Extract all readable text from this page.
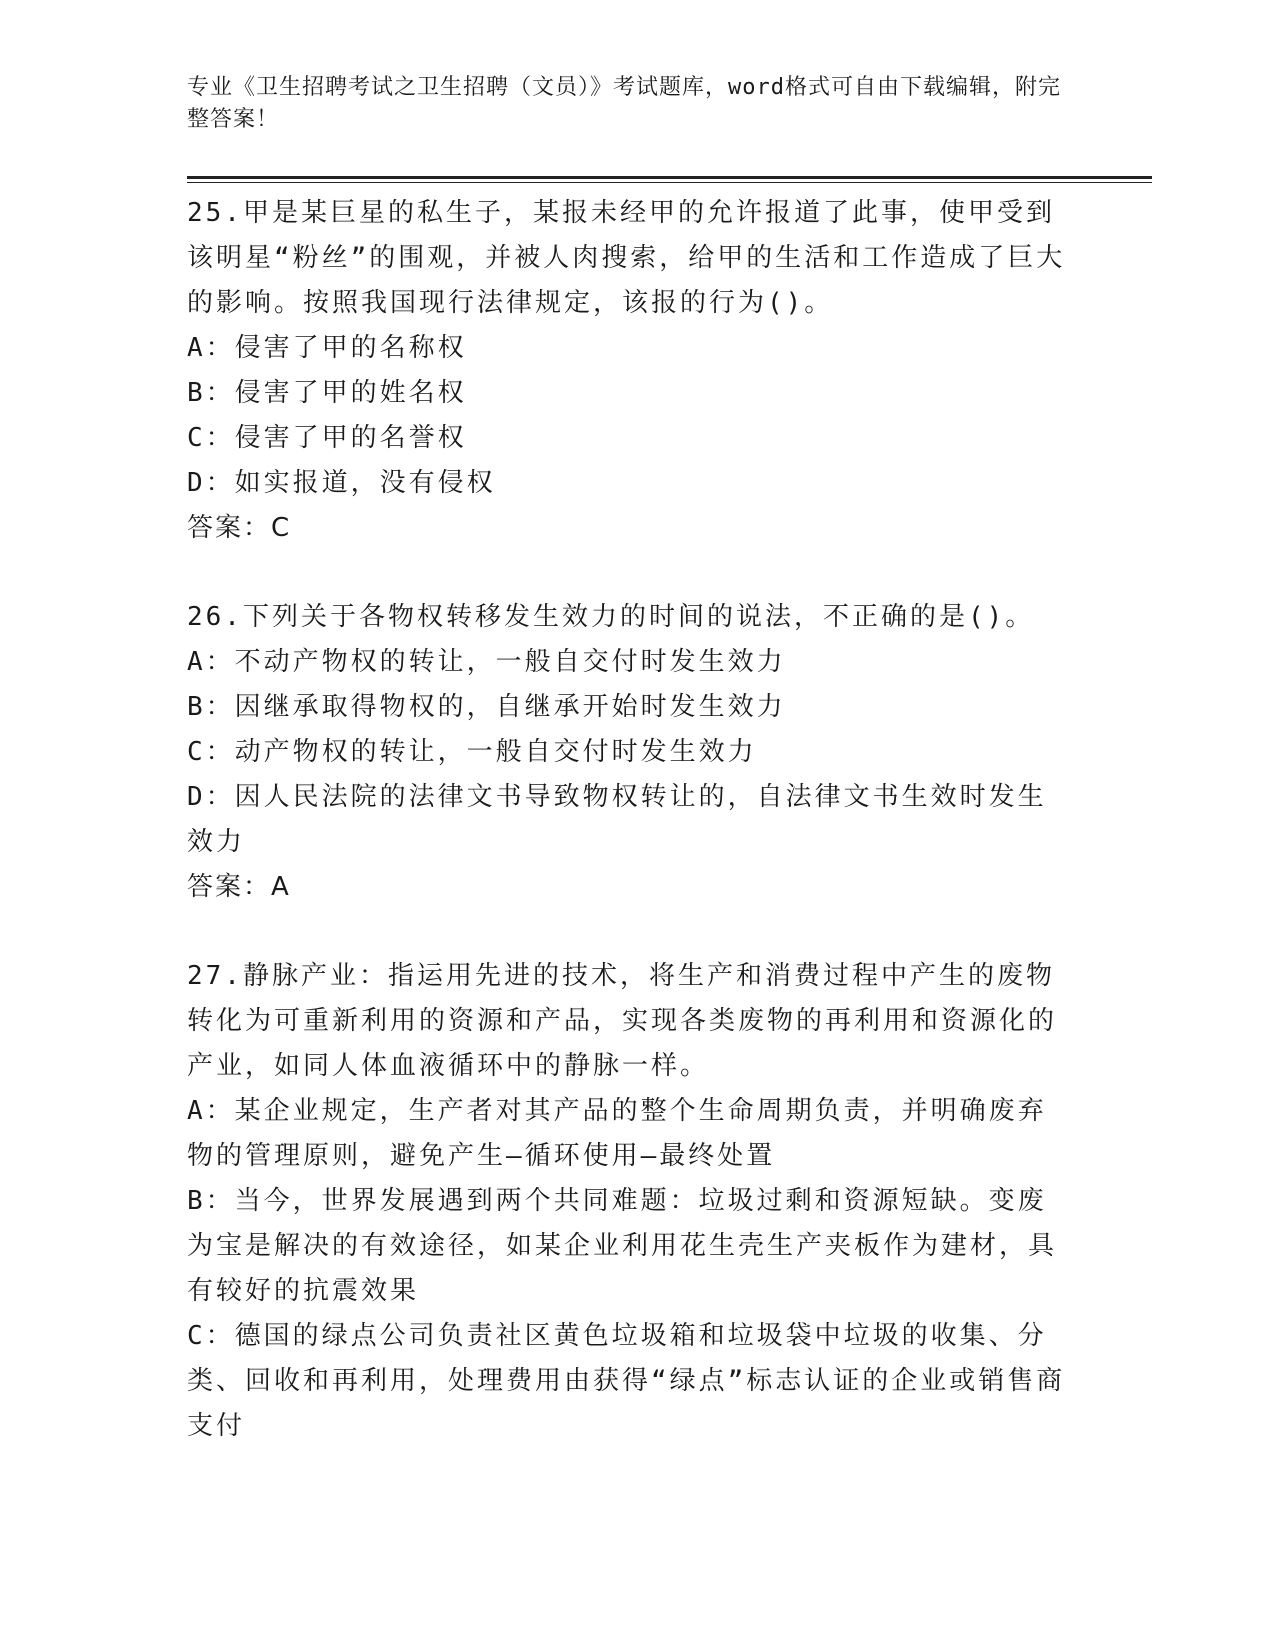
专业《卫生招聘考试之卫生招聘（文员）》考试题库，word格式可自由下载编辑，附完整答案！
25.甲是某巨星的私生子，某报未经甲的允许报道了此事，使甲受到该明星“粉丝”的围观，并被人肉搜索，给甲的生活和工作造成了巨大的影响。按照我国现行法律规定，该报的行为()。
A：侵害了甲的名称权
B：侵害了甲的姓名权
C：侵害了甲的名誉权
D：如实报道，没有侵权
答案：C
26.下列关于各物权转移发生效力的时间的说法，不正确的是()。
A：不动产物权的转让，一般自交付时发生效力
B：因继承取得物权的，自继承开始时发生效力
C：动产物权的转让，一般自交付时发生效力
D：因人民法院的法律文书导致物权转让的，自法律文书生效时发生效力
答案：A
27.静脉产业：指运用先进的技术，将生产和消费过程中产生的废物转化为可重新利用的资源和产品，实现各类废物的再利用和资源化的产业，如同人体血液循环中的静脉一样。
A：某企业规定，生产者对其产品的整个生命周期负责，并明确废弃物的管理原则，避免产生—循环使用—最终处置
B：当今，世界发展遇到两个共同难题：垃圾过剩和资源短缺。变废为宝是解决的有效途径，如某企业利用花生壳生产夹板作为建材，具有较好的抗震效果
C：德国的绿点公司负责社区黄色垃圾箱和垃圾袋中垃圾的收集、分类、回收和再利用，处理费用由获得“绿点”标志认证的企业或销售商支付
